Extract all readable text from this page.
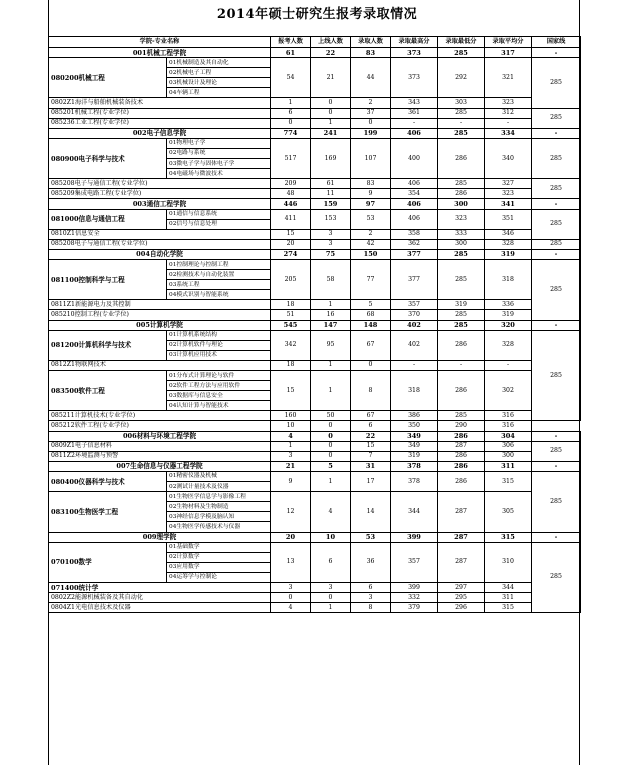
2014年硕士研究生报考录取情况
学院-专业名称		报考人数	上线人数	录取人数	录取最高分	录取最低分	录取平均分	国家线
001机械工程学院		61	22	83	373	285	317	-
080200机械工程	01机械制造及其自动化	54	21	44	373	292	321	285
	02机械电子工程							
	03机械设计及理论							
	04车辆工程							
0802Z1海洋与船舶机械装备技术		1	0	2	343	303	323	
085201机械工程(专业学位)		6	0	37	361	285	312	285
085236工业工程(专业学位)		0	1	0	-	-	-	
002电子信息学院		774	241	199	406	285	334	-
080900电子科学与技术	01物理电子学	517	169	107	400	286	340	285
	02电路与系统							
	03微电子学与固体电子学							
	04电磁场与微波技术							
085208电子与通信工程(专业学位)		209	61	83	406	285	327	285
085209集成电路工程(专业学位)		48	11	9	354	286	323	
003通信工程学院		446	159	97	406	300	341	-
081000信息与通信工程	01通信与信息系统	411	153	53	406	323	351	285
	02信号与信息处理							
0810Z1信息安全		15	3	2	358	333	346	
085208电子与通信工程(专业学位)		20	3	42	362	300	328	285
004自动化学院		274	75	150	377	285	319	-
081100控制科学与工程	01控制理论与控制工程	205	58	77	377	285	318	285
	02检测技术与自动化装置							
	03系统工程							
	04模式识别与智能系统							
0811Z1新能源电力及其控制		18	1	5	357	319	336	
085210控制工程(专业学位)		51	16	68	370	285	319	
005计算机学院		545	147	148	402	285	320	-
081200计算机科学与技术	01计算机系统结构	342	95	67	402	286	328	285
	02计算机软件与理论							
	03计算机应用技术							
0812Z1物联网技术		18	1	0	-	-	-	
083500软件工程	01分布式计算理论与软件	15	1	8	318	286	302	
	02软件工程方法与应用软件							
	03数据库与信息安全							
	04认知计算与智能技术							
085211计算机技术(专业学位)		160	50	67	386	285	316	
085212软件工程(专业学位)		10	0	6	350	290	316	
006材料与环境工程学院		4	0	22	349	286	304	-
0809Z1电子信息材料		1	0	15	349	287	306	285
0811Z2环境监测与预警		3	0	7	319	286	300	
007生命信息与仪器工程学院		21	5	31	378	286	311	-
080400仪器科学与技术	01精密仪器及机械	9	1	17	378	286	315	285
	02测试计量技术及仪器							
083100生物医学工程	01生物医学信息学与影像工程	12	4	14	344	287	305	
	02生物材料及生物制造							
	03神经信息学模及脑认知							
	04生物医学传感技术与仪器							
009理学院		20	10	53	399	287	315	-
070100数学	01基础数学	13	6	36	357	287	310	285
	02计算数学							
	03应用数学							
	04运筹学与控制论							
071400统计学		3	3	6	399	297	344	
0802Z2能源机械装备及其自动化		0	0	3	332	295	311	
0804Z1光电信息技术及仪器		4	1	8	379	296	315	
